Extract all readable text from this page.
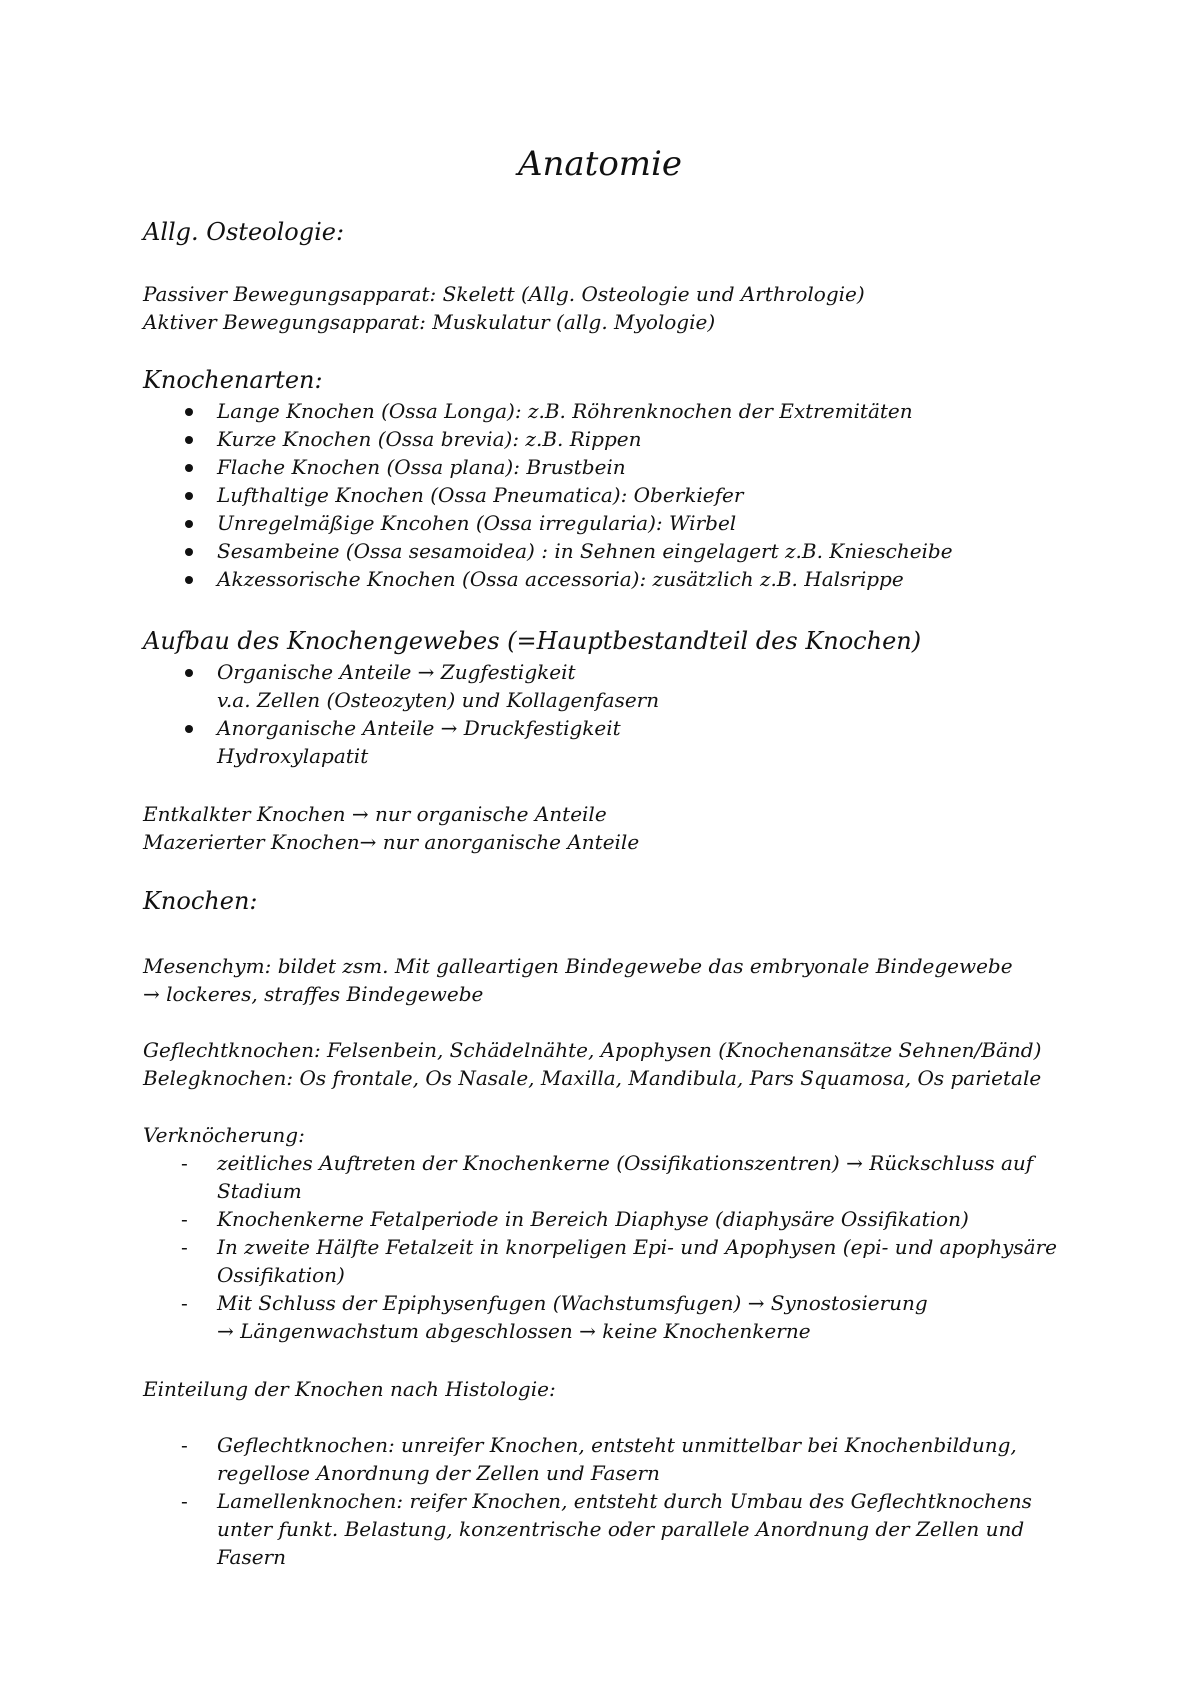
Anatomie
Allg. Osteologie:
Passiver Bewegungsapparat: Skelett (Allg. Osteologie und Arthrologie)
Aktiver Bewegungsapparat: Muskulatur (allg. Myologie)
Knochenarten:
Lange Knochen (Ossa Longa): z.B. Röhrenknochen der Extremitäten
Kurze Knochen (Ossa brevia): z.B. Rippen
Flache Knochen (Ossa plana): Brustbein
Lufthaltige Knochen (Ossa Pneumatica): Oberkiefer
Unregelmäßige Kncohen (Ossa irregularia): Wirbel
Sesambeine (Ossa sesamoidea) : in Sehnen eingelagert z.B. Kniescheibe
Akzessorische Knochen (Ossa accessoria): zusätzlich z.B. Halsrippe
Aufbau des Knochengewebes (=Hauptbestandteil des Knochen)
Organische Anteile → Zugfestigkeit
v.a. Zellen (Osteozyten) und Kollagenfasern
Anorganische Anteile → Druckfestigkeit
Hydroxylapatit
Entkalkter Knochen → nur organische Anteile
Mazerierter Knochen→ nur anorganische Anteile
Knochen:
Mesenchym: bildet zsm. Mit galleartigen Bindegewebe das embryonale Bindegewebe
→ lockeres, straffes Bindegewebe
Geflechtknochen: Felsenbein, Schädelnähte, Apophysen (Knochenansätze Sehnen/Bänd)
Belegknochen: Os frontale, Os Nasale, Maxilla, Mandibula, Pars Squamosa, Os parietale
Verknöcherung:
- zeitliches Auftreten der Knochenkerne (Ossifikationszentren) → Rückschluss auf
Stadium
- Knochenkerne Fetalperiode in Bereich Diaphyse (diaphysäre Ossifikation)
- In zweite Hälfte Fetalzeit in knorpeligen Epi- und Apophysen (epi- und apophysäre
Ossifikation)
- Mit Schluss der Epiphysenfugen (Wachstumsfugen) → Synostosierung
→ Längenwachstum abgeschlossen → keine Knochenkerne
Einteilung der Knochen nach Histologie:
- Geflechtknochen: unreifer Knochen, entsteht unmittelbar bei Knochenbildung,
regellose Anordnung der Zellen und Fasern
- Lamellenknochen: reifer Knochen, entsteht durch Umbau des Geflechtknochens
unter funkt. Belastung, konzentrische oder parallele Anordnung der Zellen und
Fasern
